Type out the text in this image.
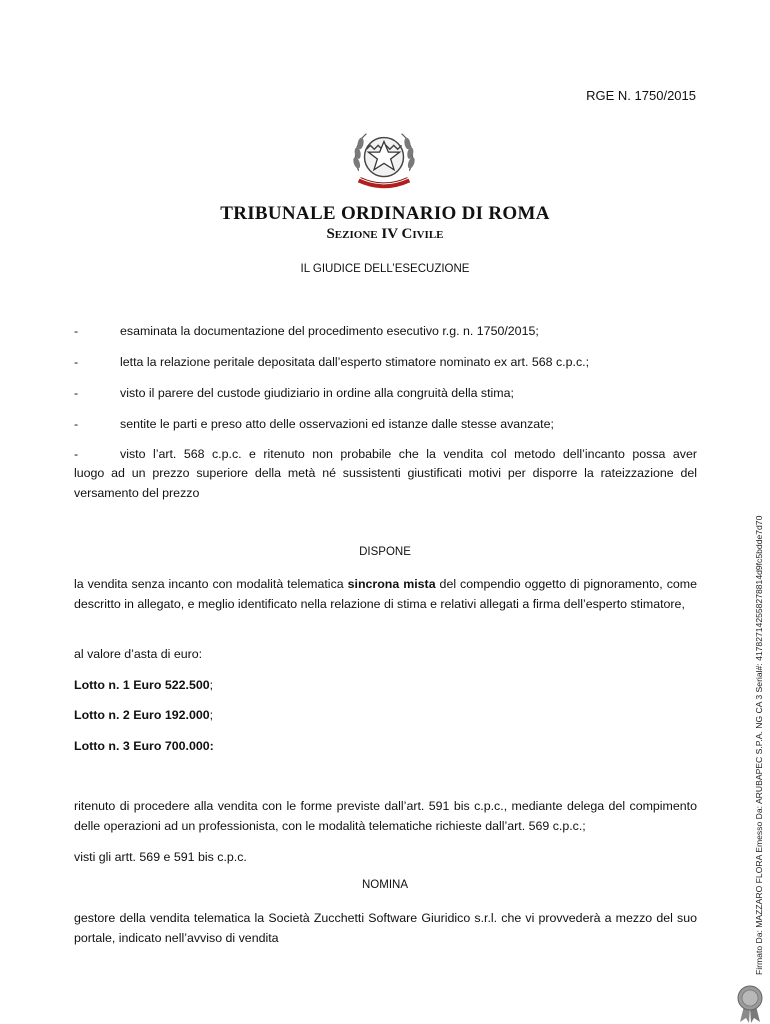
RGE N. 1750/2015
TRIBUNALE ORDINARIO DI ROMA
Sezione IV Civile
IL GIUDICE DELL’ESECUZIONE
-	esaminata la documentazione del procedimento esecutivo r.g. n. 1750/2015;
-	letta la relazione peritale depositata dall’esperto stimatore nominato ex art. 568 c.p.c.;
-	visto il parere del custode giudiziario in ordine alla congruità della stima;
-	sentite le parti e preso atto delle osservazioni ed istanze dalle stesse avanzate;
-	visto l’art. 568 c.p.c. e ritenuto non probabile che la vendita col metodo dell’incanto possa aver
luogo ad un prezzo superiore della metà né sussistenti giustificati motivi per disporre la rateizzazione del versamento del prezzo
DISPONE
la vendita senza incanto con modalità telematica sincrona mista del compendio oggetto di pignoramento, come descritto in allegato, e meglio identificato nella relazione di stima e relativi allegati a firma dell’esperto stimatore,
al valore d’asta di euro:
Lotto n. 1 Euro 522.500;
Lotto n. 2 Euro 192.000;
Lotto n. 3 Euro 700.000:
ritenuto di procedere alla vendita con le forme previste dall’art. 591 bis c.p.c., mediante delega del compimento delle operazioni ad un professionista, con le modalità telematiche richieste dall’art. 569 c.p.c.;
visti gli artt. 569 e 591 bis c.p.c.
NOMINA
gestore della vendita telematica la Società Zucchetti Software Giuridico s.r.l. che vi provvederà a mezzo del suo portale, indicato nell’avviso di vendita	Firmato Da: MAZZARO FLORA Emesso Da: ARUBAPEC S.P.A. NG CA 3 Serial#: 417827142558278814d9fc5bdde7d70
